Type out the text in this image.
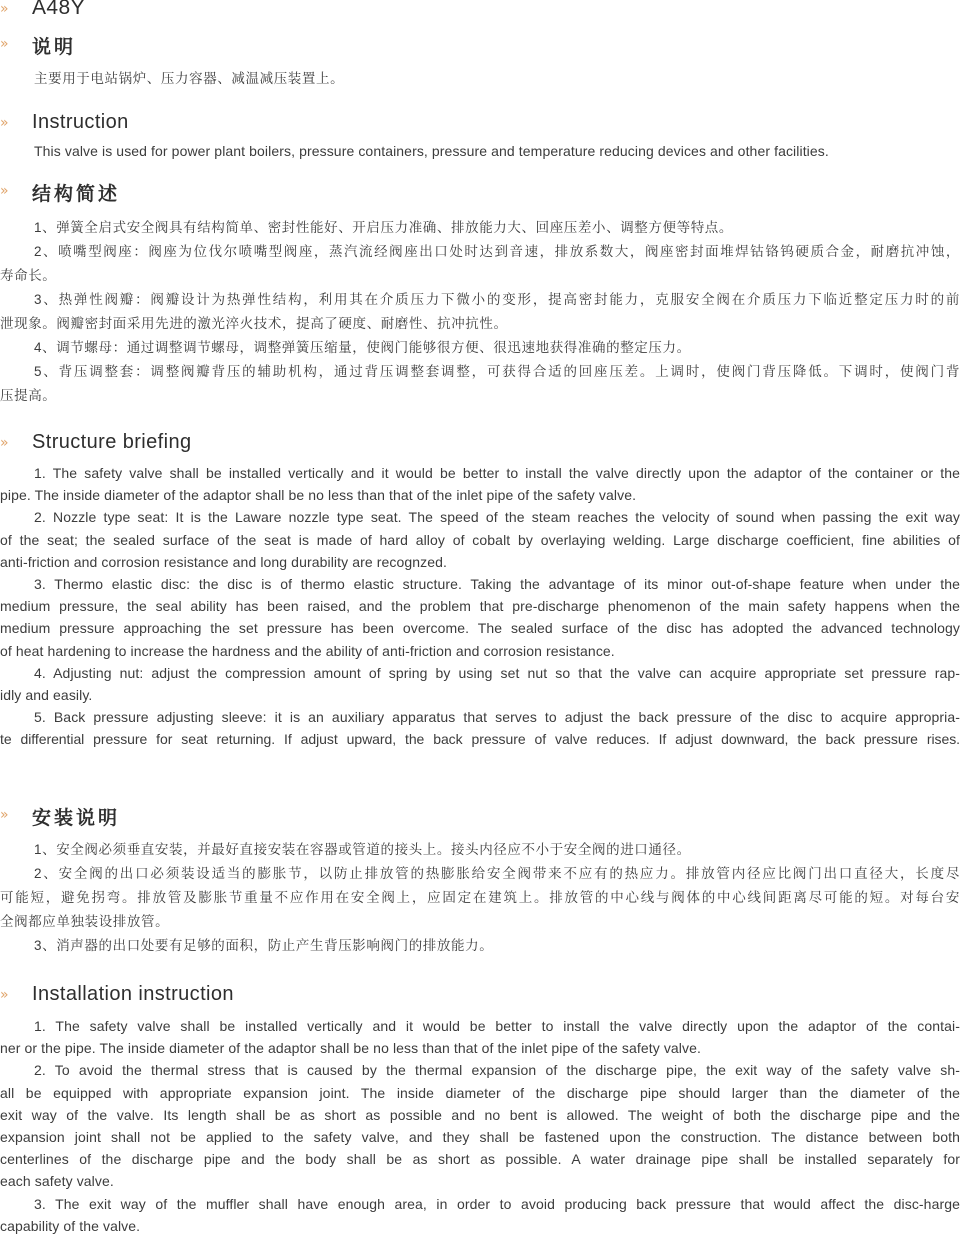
»	A48Y
»	说明
主要用于电站锅炉、压力容器、减温减压装置上。
»	Instruction
This valve is used for power plant boilers, pressure containers, pressure and temperature reducing devices and other facilities.
»	结构简述
1、弹簧全启式安全阀具有结构简单、密封性能好、开启压力准确、排放能力大、回座压差小、调整方便等特点。
2、喷嘴型阀座：阀座为位伐尔喷嘴型阀座，蒸汽流经阀座出口处时达到音速，排放系数大，阀座密封面堆焊钴铬钨硬质合金，耐磨抗冲蚀，
寿命长。
3、热弹性阀瓣：阀瓣设计为热弹性结构，利用其在介质压力下微小的变形，提高密封能力，克服安全阀在介质压力下临近整定压力时的前
泄现象。阀瓣密封面采用先进的激光淬火技术，提高了硬度、耐磨性、抗冲抗性。
4、调节螺母：通过调整调节螺母，调整弹簧压缩量，使阀门能够很方便、很迅速地获得准确的整定压力。
5、背压调整套：调整阀瓣背压的辅助机构，通过背压调整套调整，可获得合适的回座压差。上调时，使阀门背压降低。下调时，使阀门背
压提高。
»	Structure briefing
1. The safety valve shall be installed vertically and it would be better to install the valve directly upon the adaptor of the container or the
pipe. The inside diameter of the adaptor shall be no less than that of the inlet pipe of the safety valve.
2. Nozzle type seat: It is the Laware nozzle type seat. The speed of the steam reaches the velocity of sound when passing the exit way
of the seat; the sealed surface of the seat is made of hard alloy of cobalt by overlaying welding. Large discharge coefficient, fine abilities of
anti-friction and corrosion resistance and long durability are recognzed.
3. Thermo elastic disc: the disc is of thermo elastic structure. Taking the advantage of its minor out-of-shape feature when under the
medium pressure, the seal ability has been raised, and the problem that pre-discharge phenomenon of the main safety happens when the
medium pressure approaching the set pressure has been overcome. The sealed surface of the disc has adopted the advanced technology
of heat hardening to increase the hardness and the ability of anti-friction and corrosion resistance.
4. Adjusting nut: adjust the compression amount of spring by using set nut so that the valve can acquire appropriate set pressure rap-
idly and easily.
5. Back pressure adjusting sleeve: it is an auxiliary apparatus that serves to adjust the back pressure of the disc to acquire appropria-
te differential pressure for seat returning. If adjust upward, the back pressure of valve reduces. If adjust downward, the back pressure rises.
»	安装说明
1、安全阀必须垂直安装，并最好直接安装在容器或管道的接头上。接头内径应不小于安全阀的进口通径。
2、安全阀的出口必须装设适当的膨胀节，以防止排放管的热膨胀给安全阀带来不应有的热应力。排放管内径应比阀门出口直径大，长度尽
可能短，避免拐弯。排放管及膨胀节重量不应作用在安全阀上，应固定在建筑上。排放管的中心线与阀体的中心线间距离尽可能的短。对每台安
全阀都应单独装设排放管。
3、消声器的出口处要有足够的面积，防止产生背压影响阀门的排放能力。
»	Installation instruction
1. The safety valve shall be installed vertically and it would be better to install the valve directly upon the adaptor of the contai-
ner or the pipe. The inside diameter of the adaptor shall be no less than that of the inlet pipe of the safety valve.
2. To avoid the thermal stress that is caused by the thermal expansion of the discharge pipe, the exit way of the safety valve sh-
all be equipped with appropriate expansion joint. The inside diameter of the discharge pipe should larger than the diameter of the
exit way of the valve. Its length shall be as short as possible and no bent is allowed. The weight of both the discharge pipe and the
expansion joint shall not be applied to the safety valve, and they shall be fastened upon the construction. The distance between both
centerlines of the discharge pipe and the body shall be as short as possible. A water drainage pipe shall be installed separately for
each safety valve.
3. The exit way of the muffler shall have enough area, in order to avoid producing back pressure that would affect the disc-harge
capability of the valve.
